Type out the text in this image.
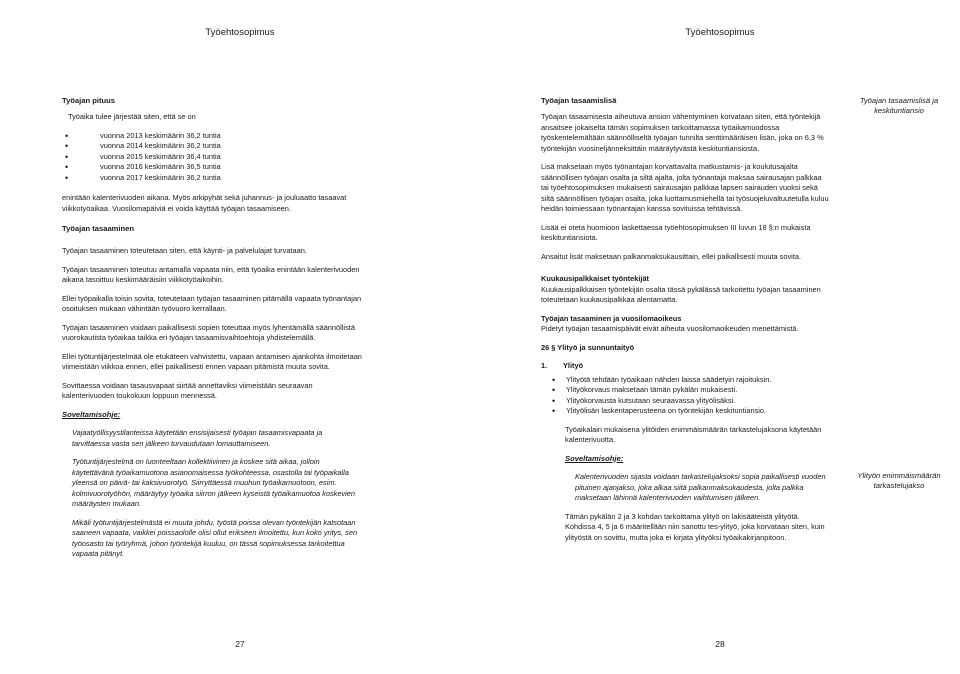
Työehtosopimus
Työajan pituus

Työaika tulee järjestää siten, että se on

• vuonna 2013 keskimäärin 36,2 tuntia
• vuonna 2014 keskimäärin 36,2 tuntia
• vuonna 2015 keskimäärin 36,4 tuntia
• vuonna 2016 keskimäärin 36,5 tuntia
• vuonna 2017 keskimäärin 36,2 tuntia

enintään kalenterivuoden aikana. Myös arkipyhät sekä juhannus- ja jouluaatto tasaavat viikkotyöaikaa. Vuosilomapäiviä ei voida käyttää työajan tasaamiseen.

Työajan tasaaminen

Työajan tasaaminen toteutetaan siten, että käynti- ja palvelulajat turvataan.

Työajan tasaaminen toteutuu antamalla vapaata niin, että työaika enintään kalenterivuoden aikana tasoittuu keskimääräisiin viikkotyöaikoihin.

Ellei työpaikalla toisin sovita, toteutetaan työajan tasaaminen pitämällä vapaata työnantajan osoituksen mukaan vähintään työvuoro kerrallaan.

Työajan tasaaminen voidaan paikallisesti sopien toteuttaa myös lyhentämällä säännöllistä vuorokautista työaikaa taikka eri työajan tasaamisvaihtoehtoja yhdistelemällä.

Ellei työtuntijärjestelmää ole etukäteen vahvistettu, vapaan antamisen ajankohta ilmoitetaan viimeistään viikkoa ennen, ellei paikallisesti ennen vapaan pitämistä muuta sovita.

Sovittaessa voidaan tasausvapaat siirtää annettaviksi viimeistään seuraavan kalenterivuoden toukokuun loppuun mennessä.

Soveltamisohje:

Vajaatyöllisyystilanteissa käytetään ensisijaisesti työajan tasaamisvapaata ja tarvittaessa vasta sen jälkeen turvaudutaan lomauttamiseen.

Työtuntijärjestelmä on luonteeltaan kollektiivinen ja koskee sitä aikaa, jolloin käytettävänä työaikamuotona asianomaisessa työkohteessa, osastolla tai työpaikalla yleensä on päivä- tai kaksivuorotyö. Siirryttäessä muuhun työaikamuotoon, esim. kolmivuorotyöhön, määräytyy työaika siirron jälkeen kyseistä työaikamuotoa koskevien määräysten mukaan.

Mikäli työtuntijärjestelmästä ei muuta johdu, työstä poissa olevan työntekijän katsotaan saaneen vapaata, vaikkei poissaololle olisi ollut erikseen ilmoitettu, kun koko yritys, sen työosasto tai työryhmä, johon työntekijä kuuluu, on tässä sopimuksessa tarkoitettua vapaata pitänyt.

27
Työehtosopimus
28
Työajan tasaamislisä

Työajan tasaamisesta aiheutuva ansion vähentyminen korvataan siten, että työntekijä ansaitsee jokaiselta tämän sopimuksen tarkoittamassa työaikamuodossa työskentelemältään säännölliseltä työajan tunnilta senttimääräisen lisän, joka on 6,3 % työntekijän vuosineljänneksittäin määräytyvästä keskituntiansiosta.

Lisä maksetaan myös työnantajan korvattavalta matkustamis- ja koulutusajalta säännöllisen työajan osalta ja siltä ajalta, jolta työnantaja maksaa sairausajan palkkaa tai työehtosopimuksen mukaisesti sairausajan palkkaa lapsen sairauden vuoksi sekä siltä säännöllisen työajan osalta, joka luottamusmiehellä tai työsuojeluvaltuutetulla kuluu heidän toimiessaan työnantajan kanssa sovituissa tehtävissä.

Lisää ei oteta huomioon laskettaessa työehtosopimuksen III luvun 18 §:n mukaista keskituntiansiota.

Ansaitut lisät maksetaan palkanmaksukausittain, ellei paikallisesti muuta sovita.

Kuukausipalkkaiset työntekijät

Kuukausipalkkaisen työntekijän osalta tässä pykälässä tarkoitettu työajan tasaaminen toteutetaan kuukausipalkkaa alentamatta.

Työajan tasaaminen ja vuosilomaoikeus

Pidetyt työajan tasaamispäivät eivät aiheuta vuosilomaoikeuden menettämistä.

26 § Ylityö ja sunnuntaityö
1. Ylityö
• Ylityötä tehdään työaikaan nähden laissa säädetyin rajoituksin.
• Ylityökorvaus maksetaan tämän pykälän mukaisesti.
• Ylityökorvausta kutsutaan seuraavassa ylityölisäksi.
• Ylityölisän laskentaperusteena on työntekijän keskituntiansio.

Työaikalain mukaisena ylitöiden enimmäismäärän tarkastelujaksona käytetään kalenterivuotta.

Soveltamisohje:

Kalenterivuoden sijasta voidaan tarkastelujaksoksi sopia paikallisesti vuoden pituinen ajanjakso, joka alkaa siitä palkanmaksukaudesta, jolta palkka maksetaan lähinnä kalenterivuoden vaihtumisen jälkeen.

Tämän pykälän 2 ja 3 kohdan tarkoittama ylityö on lakisääteistä ylityötä. Kohdissa 4, 5 ja 6 määritellään niin sanottu tes-ylityö, joka korvataan siten, kuin ylityöstä on sovittu, mutta joka ei kirjata ylityöksi työaikakirjanpitoon.

Työajan tasaamislisä ja keskituntiansio
Ylityön enimmäismäärän tarkastelujakso
